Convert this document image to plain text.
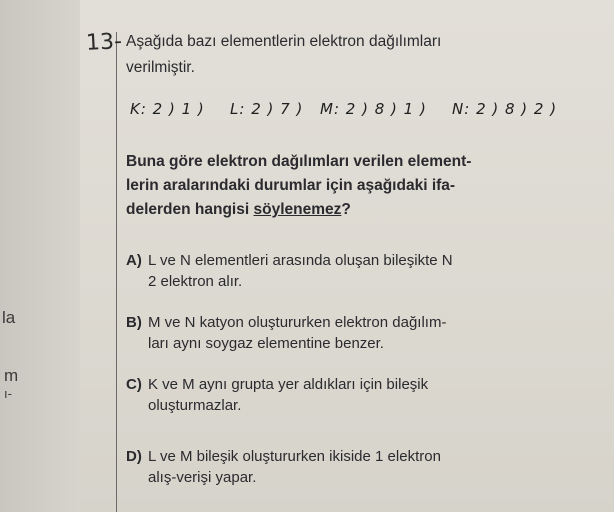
la
m
ı-
13- Aşağıda bazı elementlerin elektron dağılımları
verilmiştir.
K: 2 ) 1 ) L: 2 ) 7 ) M: 2 ) 8 ) 1 ) N: 2 ) 8 ) 2 )
Buna göre elektron dağılımları verilen element-
lerin aralarındaki durumlar için aşağıdaki ifa-
delerden hangisi söylenemez?
A) L ve N elementleri arasında oluşan bileşikte N
2 elektron alır.
B) M ve N katyon oluştururken elektron dağılım-
ları aynı soygaz elementine benzer.
C) K ve M aynı grupta yer aldıkları için bileşik
oluşturmazlar.
D) L ve M bileşik oluştururken ikiside 1 elektron
alış-verişi yapar.
